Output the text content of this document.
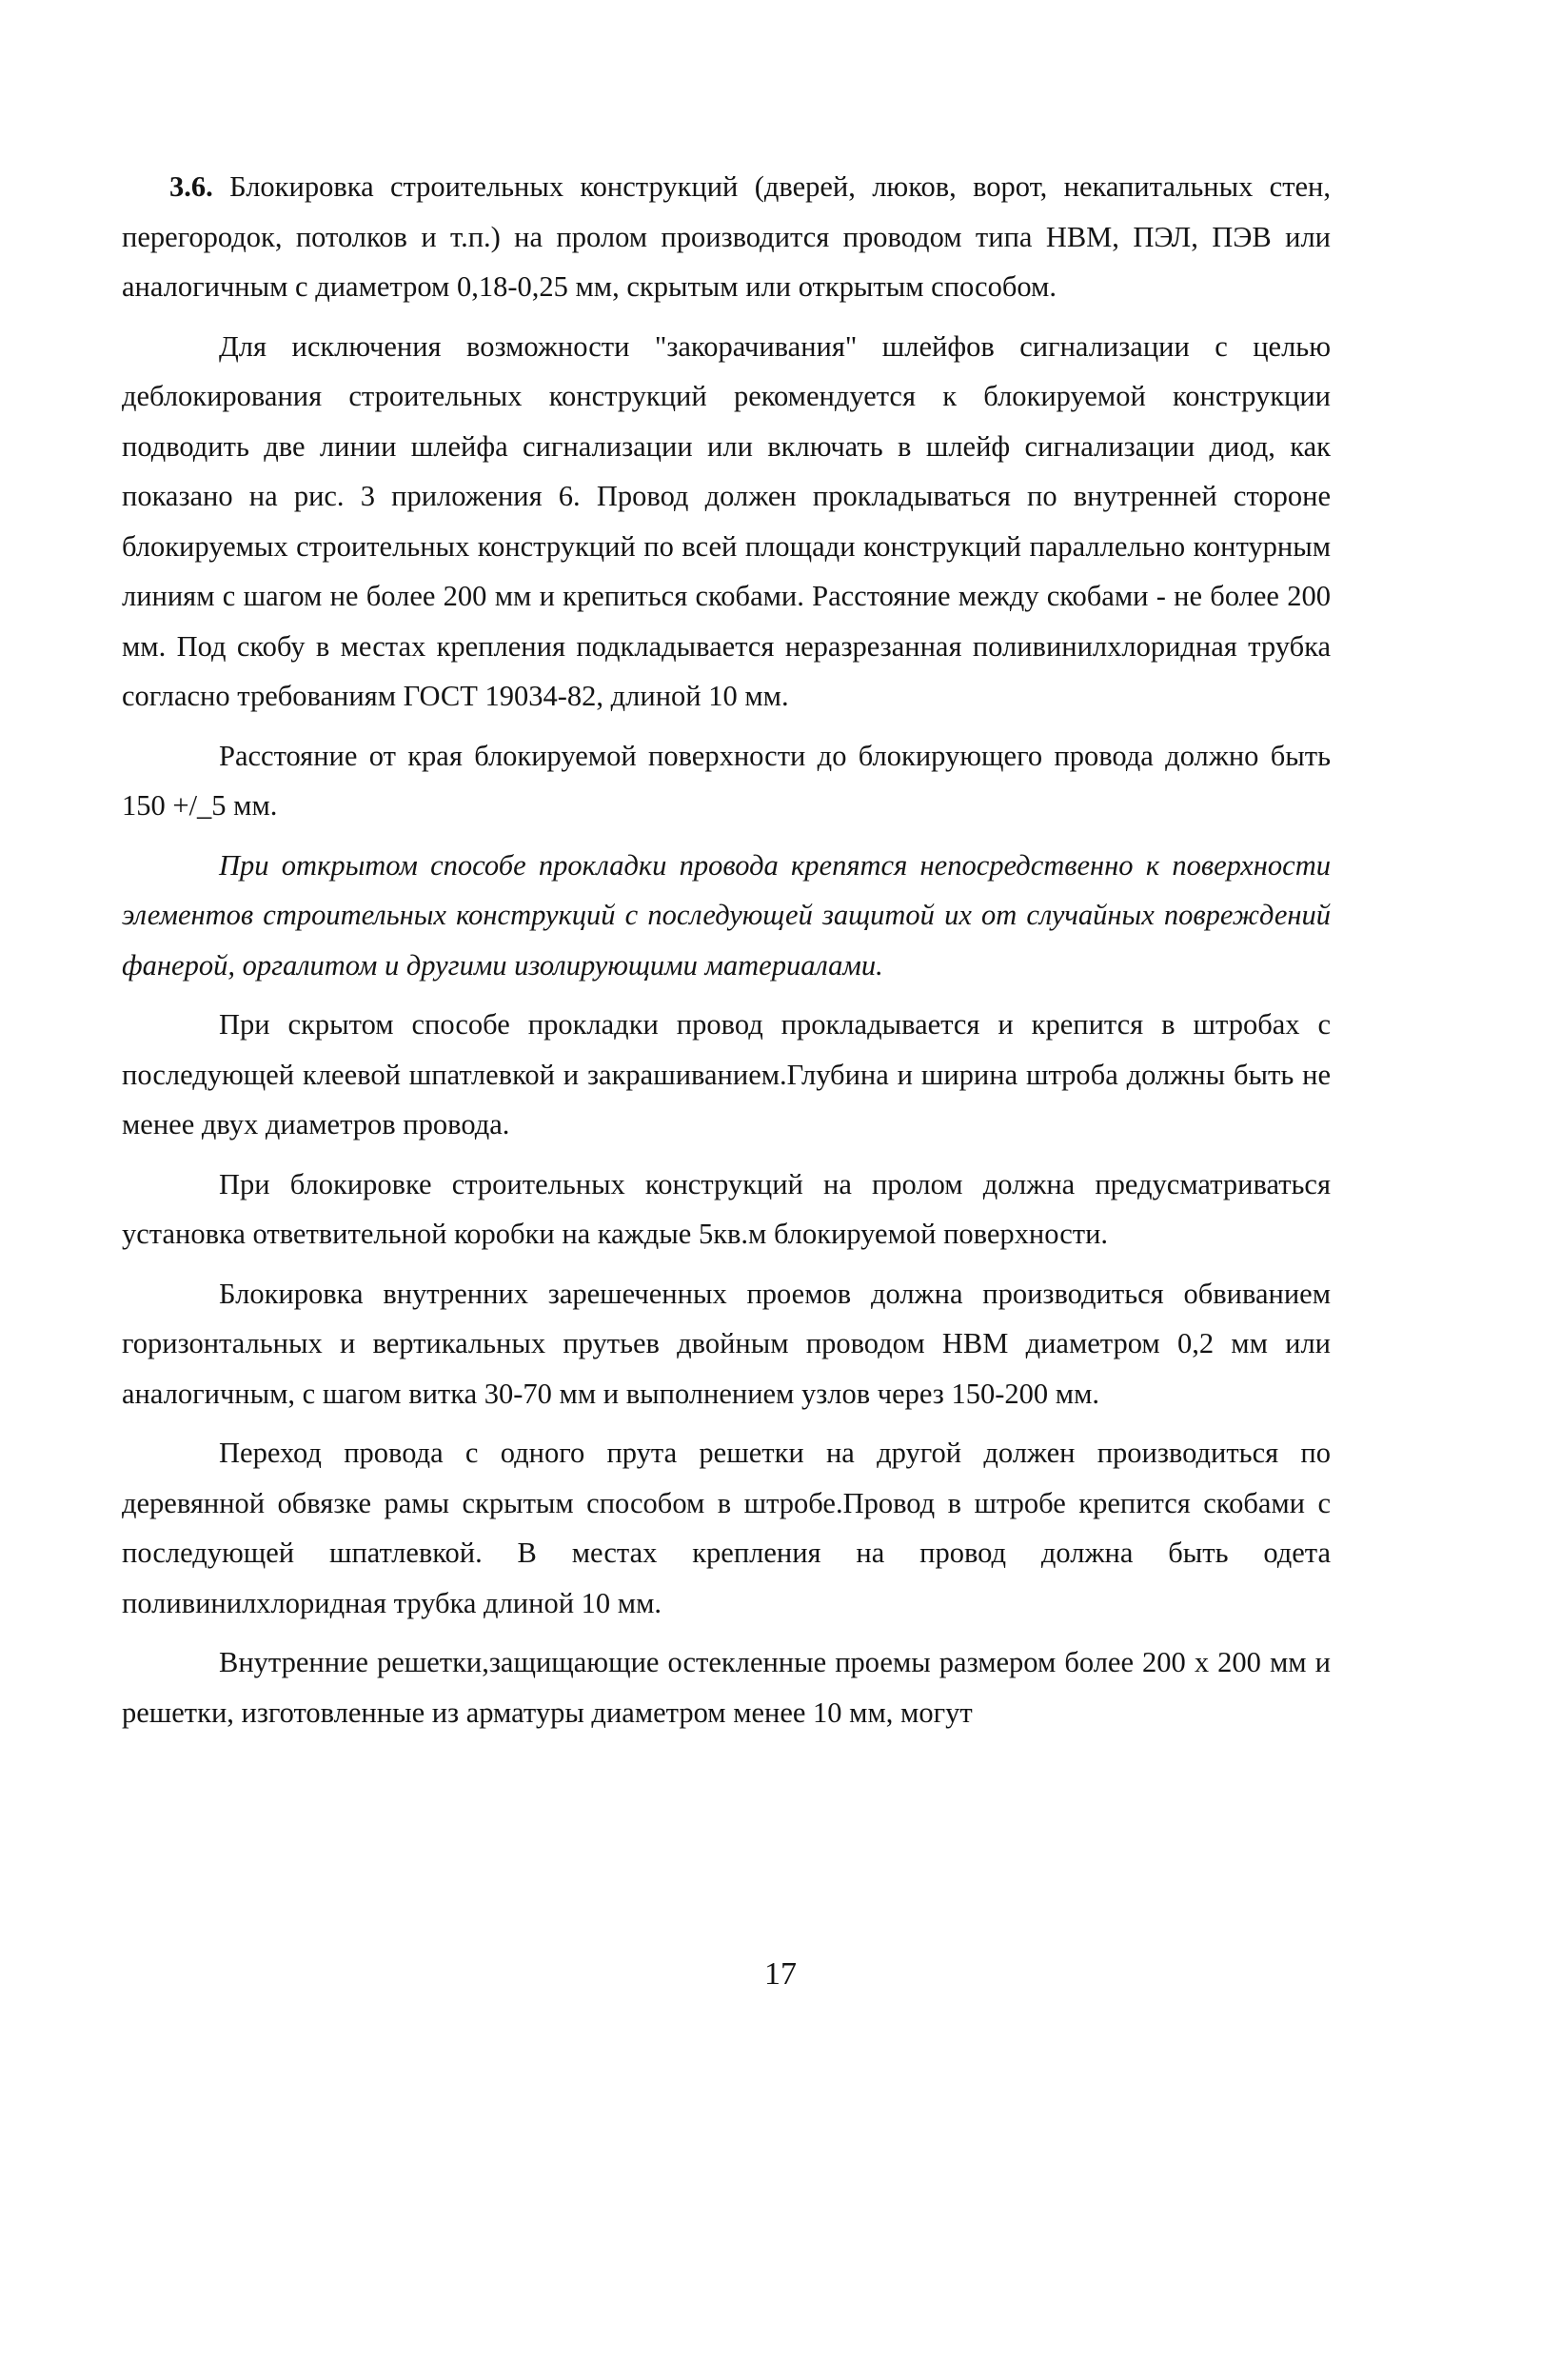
3.6. Блокировка строительных конструкций (дверей, люков, ворот, некапитальных стен, перегородок, потолков и т.п.) на пролом производится проводом типа НВМ, ПЭЛ, ПЭВ или аналогичным с диаметром 0,18-0,25 мм, скрытым или открытым способом.

Для исключения возможности "закорачивания" шлейфов сигнализации с целью деблокирования строительных конструкций рекомендуется к блокируемой конструкции подводить две линии шлейфа сигнализации или включать в шлейф сигнализации диод, как показано на рис. 3 приложения 6. Провод должен прокладываться по внутренней стороне блокируемых строительных конструкций по всей площади конструкций параллельно контурным линиям с шагом не более 200 мм и крепиться скобами. Расстояние между скобами - не более 200 мм. Под скобу в местах крепления подкладывается неразрезанная поливинилхлоридная трубка согласно требованиям ГОСТ 19034-82, длиной 10 мм.

Расстояние от края блокируемой поверхности до блокирующего провода должно быть 150 +/_5 мм.

При открытом способе прокладки провода крепятся непосредственно к поверхности элементов строительных конструкций с последующей защитой их от случайных повреждений фанерой, оргалитом и другими изолирующими материалами.

При скрытом способе прокладки провод прокладывается и крепится в штробах с последующей клеевой шпатлевкой и закрашиванием.Глубина и ширина штроба должны быть не менее двух диаметров провода.

При блокировке строительных конструкций на пролом должна предусматриваться установка ответвительной коробки на каждые 5кв.м блокируемой поверхности.

Блокировка внутренних зарешеченных проемов должна производиться обвиванием горизонтальных и вертикальных прутьев двойным проводом НВМ диаметром 0,2 мм или аналогичным, с шагом витка 30-70 мм и выполнением узлов через 150-200 мм.

Переход провода с одного прута решетки на другой должен производиться по деревянной обвязке рамы скрытым способом в штробе.Провод в штробе крепится скобами с последующей шпатлевкой. В местах крепления на провод должна быть одета поливинилхлоридная трубка длиной 10 мм.

Внутренние решетки,защищающие остекленные проемы размером более 200 х 200 мм и решетки, изготовленные из арматуры диаметром менее 10 мм, могут

17
